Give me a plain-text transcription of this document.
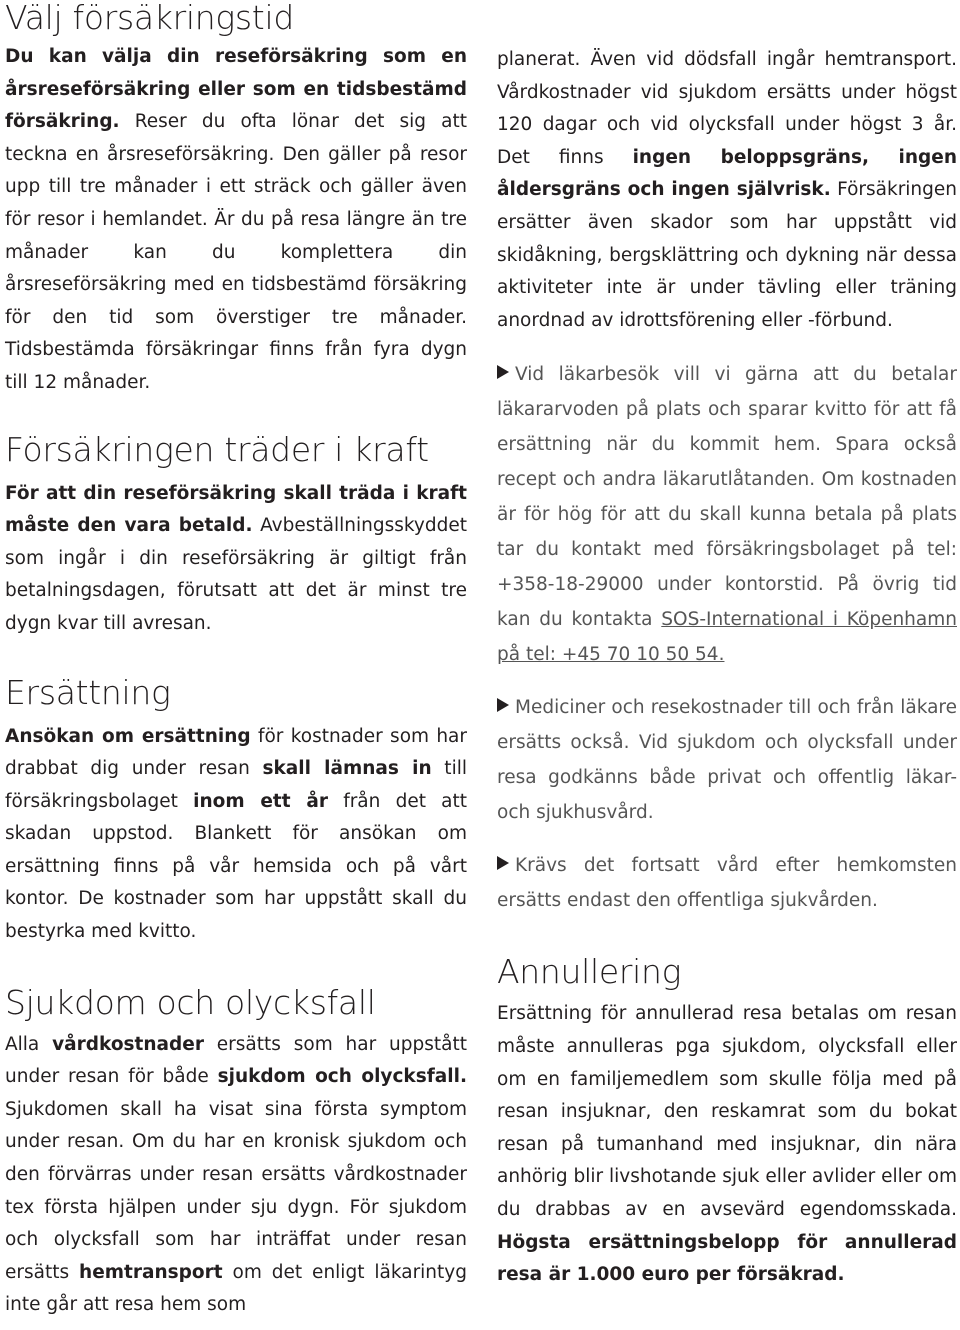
Välj försäkringstid

Du kan välja din reseförsäkring som en årsreseförsäkring eller som en tidsbestämd försäkring. Reser du ofta lönar det sig att teckna en årsreseförsäkring. Den gäller på resor upp till tre månader i ett sträck och gäller även för resor i hemlandet. Är du på resa längre än tre månader kan du komplettera din årsreseförsäkring med en tidsbestämd försäkring för den tid som överstiger tre månader. Tidsbestämda försäkringar finns från fyra dygn till 12 månader.

Försäkringen träder i kraft

För att din reseförsäkring skall träda i kraft måste den vara betald. Avbeställningsskyddet som ingår i din reseförsäkring är giltigt från betalningsdagen, förutsatt att det är minst tre dygn kvar till avresan.

Ersättning

Ansökan om ersättning för kostnader som har drabbat dig under resan skall lämnas in till försäkringsbolaget inom ett år från det att skadan uppstod. Blankett för ansökan om ersättning finns på vår hemsida och på vårt kontor. De kostnader som har uppstått skall du bestyrka med kvitto.

Sjukdom och olycksfall

Alla vårdkostnader ersätts som har uppstått under resan för både sjukdom och olycksfall. Sjukdomen skall ha visat sina första symptom under resan. Om du har en kronisk sjukdom och den förvärras under resan ersätts vårdkostnader tex första hjälpen under sju dygn. För sjukdom och olycksfall som har inträffat under resan ersätts hemtransport om det enligt läkarintyg inte går att resa hem som

planerat. Även vid dödsfall ingår hemtransport. Vårdkostnader vid sjukdom ersätts under högst 120 dagar och vid olycksfall under högst 3 år. Det finns ingen beloppsgräns, ingen åldersgräns och ingen självrisk. Försäkringen ersätter även skador som har uppstått vid skidåkning, bergsklättring och dykning när dessa aktiviteter inte är under tävling eller träning anordnad av idrottsförening eller -förbund.

Vid läkarbesök vill vi gärna att du betalar läkararvoden på plats och sparar kvitto för att få ersättning när du kommit hem. Spara också recept och andra läkarutlåtanden. Om kostnaden är för hög för att du skall kunna betala på plats tar du kontakt med försäkringsbolaget på tel: +358-18-29000 under kontorstid. På övrig tid kan du kontakta SOS-International i Köpenhamn på tel: +45 70 10 50 54.

Mediciner och resekostnader till och från läkare ersätts också. Vid sjukdom och olycksfall under resa godkänns både privat och offentlig läkar- och sjukhusvård.

Krävs det fortsatt vård efter hemkomsten ersätts endast den offentliga sjukvården.

Annullering

Ersättning för annullerad resa betalas om resan måste annulleras pga sjukdom, olycksfall eller om en familjemedlem som skulle följa med på resan insjuknar, den reskamrat som du bokat resan på tumanhand med insjuknar, din nära anhörig blir livshotande sjuk eller avlider eller om du drabbas av en avsevärd egendomsskada. Högsta ersättningsbelopp för annullerad resa är 1.000 euro per försäkrad.
